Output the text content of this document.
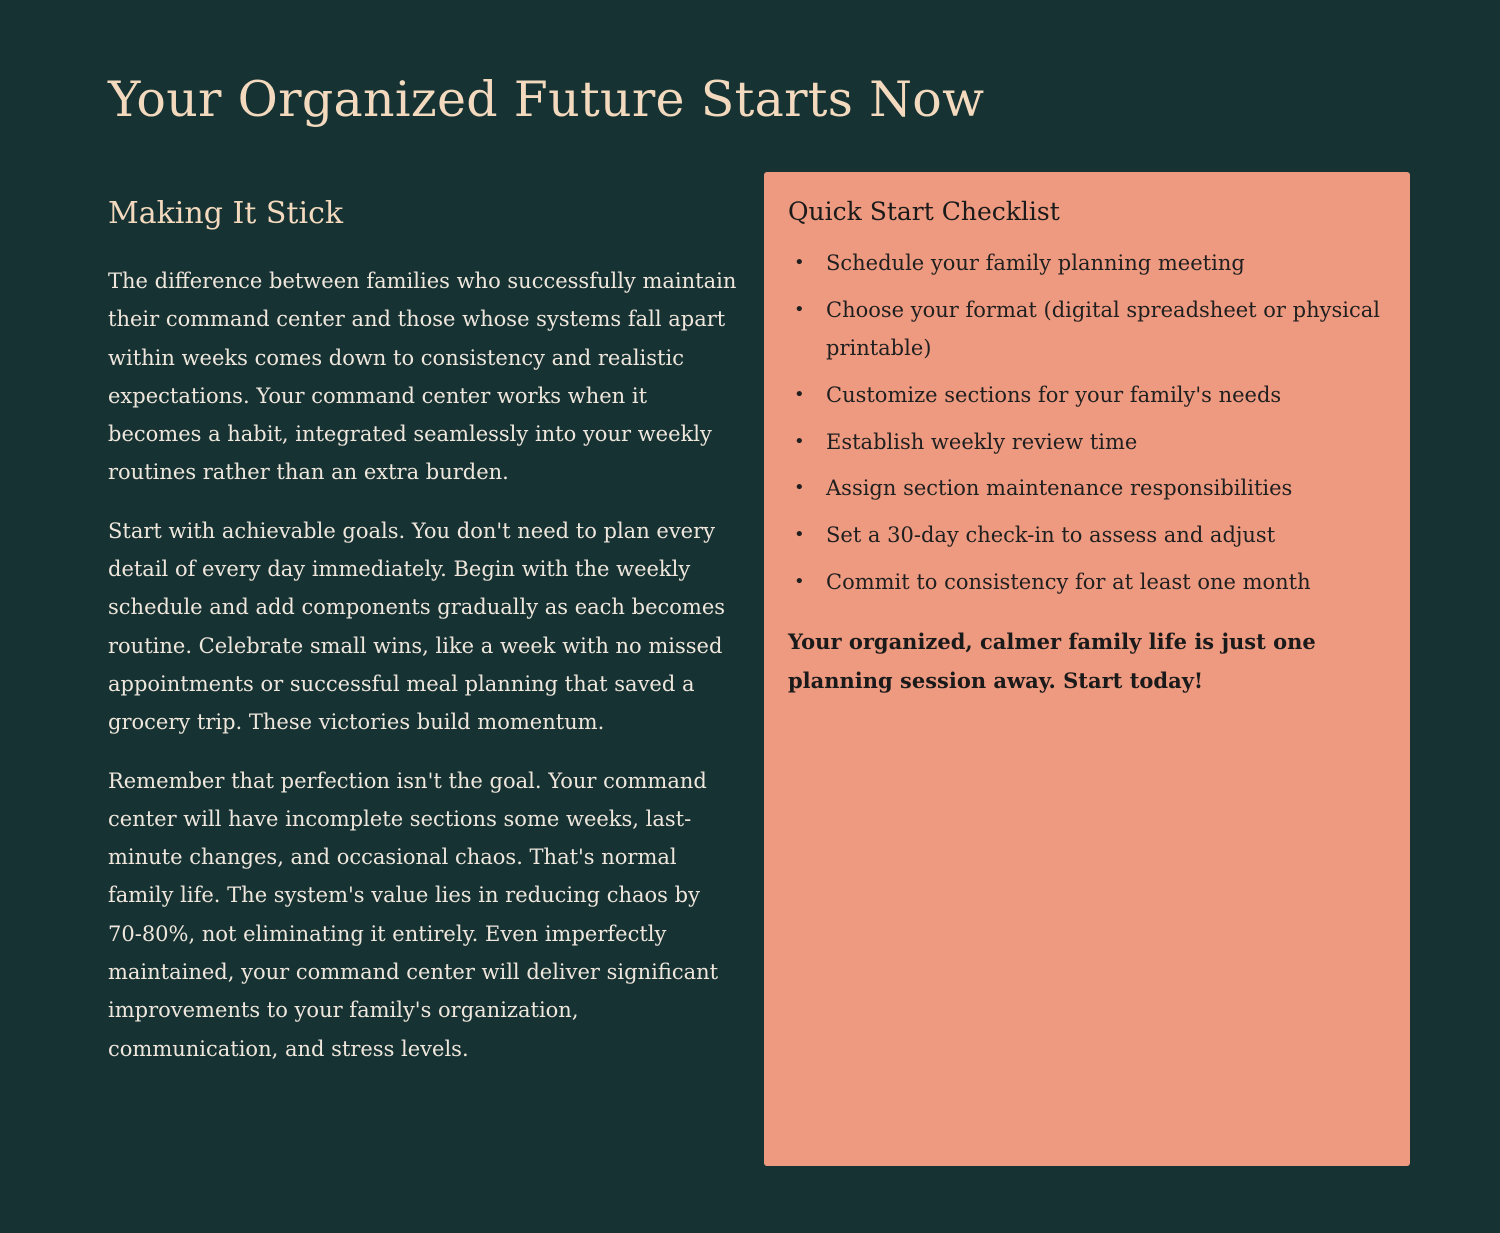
Your Organized Future Starts Now
Making It Stick

The difference between families who successfully maintain their command center and those whose systems fall apart within weeks comes down to consistency and realistic expectations. Your command center works when it becomes a habit, integrated seamlessly into your weekly routines rather than an extra burden.

Start with achievable goals. You don't need to plan every detail of every day immediately. Begin with the weekly schedule and add components gradually as each becomes routine. Celebrate small wins, like a week with no missed appointments or successful meal planning that saved a grocery trip. These victories build momentum.

Remember that perfection isn't the goal. Your command center will have incomplete sections some weeks, last-minute changes, and occasional chaos. That's normal family life. The system's value lies in reducing chaos by 70-80%, not eliminating it entirely. Even imperfectly maintained, your command center will deliver significant improvements to your family's organization, communication, and stress levels.

Quick Start Checklist
• Schedule your family planning meeting
• Choose your format (digital spreadsheet or physical printable)
• Customize sections for your family's needs
• Establish weekly review time
• Assign section maintenance responsibilities
• Set a 30-day check-in to assess and adjust
• Commit to consistency for at least one month

Your organized, calmer family life is just one planning session away. Start today!
